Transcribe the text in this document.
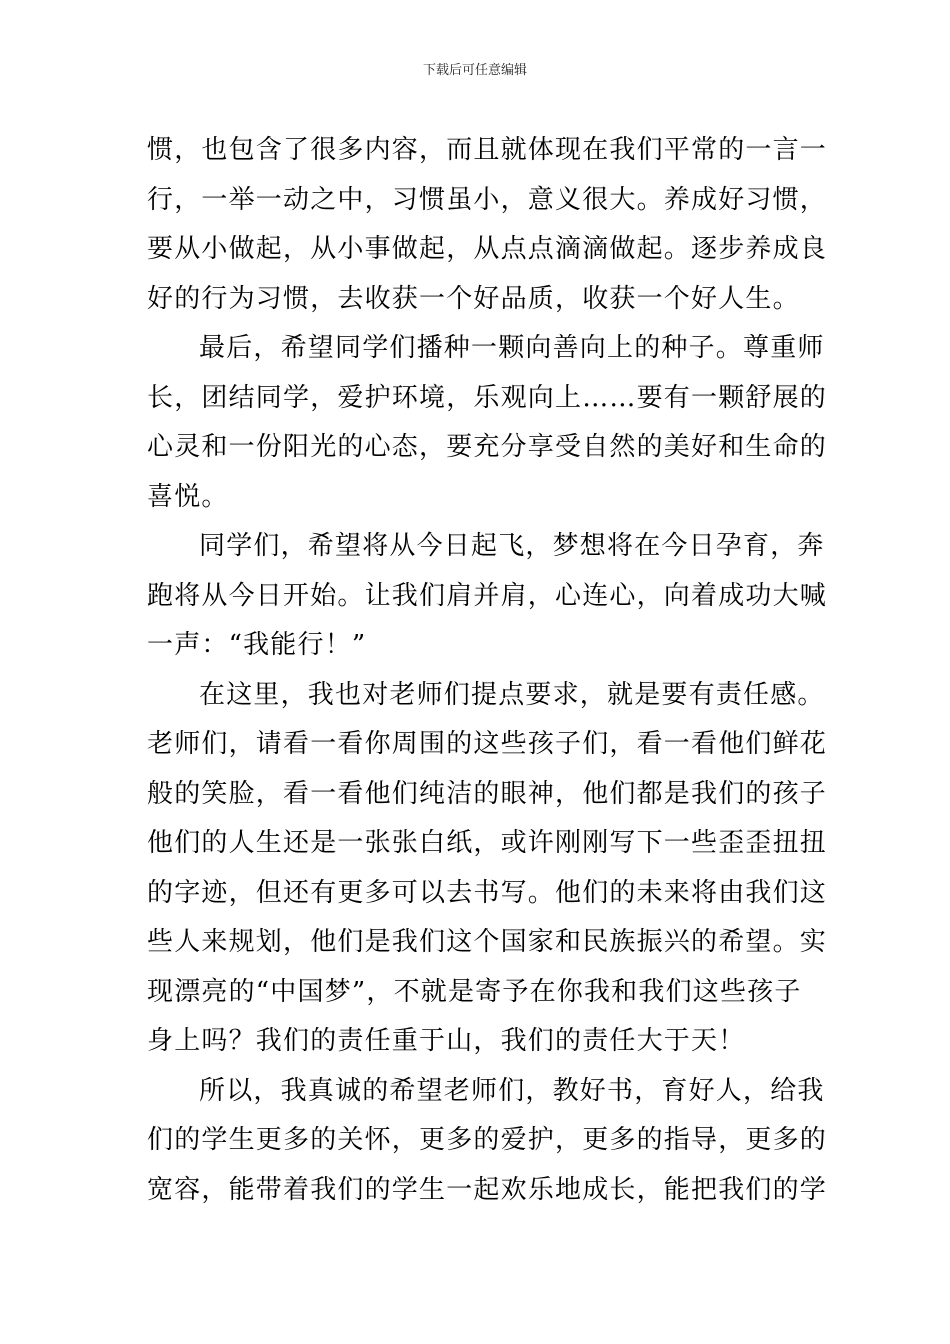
下载后可任意编辑
惯，也包含了很多内容，而且就体现在我们平常的一言一
行，一举一动之中，习惯虽小，意义很大。养成好习惯，
要从小做起，从小事做起，从点点滴滴做起。逐步养成良
好的行为习惯，去收获一个好品质，收获一个好人生。
最后，希望同学们播种一颗向善向上的种子。尊重师
长，团结同学，爱护环境，乐观向上……要有一颗舒展的
心灵和一份阳光的心态，要充分享受自然的美好和生命的
喜悦。
同学们，希望将从今日起飞，梦想将在今日孕育，奔
跑将从今日开始。让我们肩并肩，心连心，向着成功大喊
一声：“我能行！”
在这里，我也对老师们提点要求，就是要有责任感。
老师们，请看一看你周围的这些孩子们，看一看他们鲜花
般的笑脸，看一看他们纯洁的眼神，他们都是我们的孩子
他们的人生还是一张张白纸，或许刚刚写下一些歪歪扭扭
的字迹，但还有更多可以去书写。他们的未来将由我们这
些人来规划，他们是我们这个国家和民族振兴的希望。实
现漂亮的“中国梦”，不就是寄予在你我和我们这些孩子
身上吗？我们的责任重于山，我们的责任大于天！
所以，我真诚的希望老师们，教好书，育好人，给我
们的学生更多的关怀，更多的爱护，更多的指导，更多的
宽容，能带着我们的学生一起欢乐地成长，能把我们的学
